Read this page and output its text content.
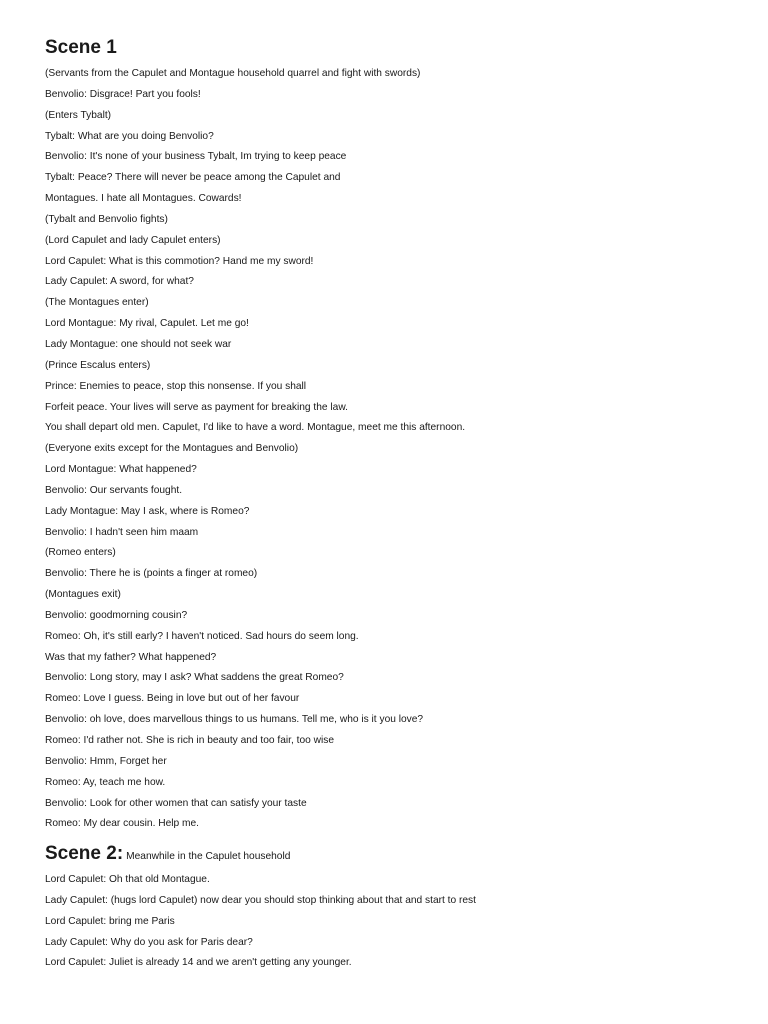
Scene 1
(Servants from the Capulet and Montague household quarrel and fight with swords)
Benvolio: Disgrace! Part you fools!
(Enters Tybalt)
Tybalt: What are you doing Benvolio?
Benvolio: It's none of your business Tybalt, Im trying to keep peace
Tybalt: Peace? There will never be peace among the Capulet and
Montagues. I hate all Montagues. Cowards!
(Tybalt and Benvolio fights)
(Lord Capulet and lady Capulet enters)
Lord Capulet: What is this commotion? Hand me my sword!
Lady Capulet: A sword, for what?
(The Montagues enter)
Lord Montague: My rival, Capulet. Let me go!
Lady Montague: one should not seek war
(Prince Escalus enters)
Prince: Enemies to peace, stop this nonsense. If you shall
Forfeit peace. Your lives will serve as payment for breaking the law.
You shall depart old men. Capulet, I'd like to have a word. Montague, meet me this afternoon.
(Everyone exits except for the Montagues and Benvolio)
Lord Montague: What happened?
Benvolio: Our servants fought.
Lady Montague: May I ask, where is Romeo?
Benvolio: I hadn't seen him maam
(Romeo enters)
Benvolio: There he is (points a finger at romeo)
(Montagues exit)
Benvolio: goodmorning cousin?
Romeo: Oh, it's still early? I haven't noticed. Sad hours do seem long.
Was that my father? What happened?
Benvolio: Long story, may I ask? What saddens the great Romeo?
Romeo: Love I guess. Being in love but out of her favour
Benvolio: oh love, does marvellous things to us humans. Tell me, who is it you love?
Romeo: I'd rather not. She is rich in beauty and too fair, too wise
Benvolio: Hmm, Forget her
Romeo: Ay, teach me how.
Benvolio: Look for other women that can satisfy your taste
Romeo: My dear cousin. Help me.
Scene 2: Meanwhile in the Capulet household
Lord Capulet: Oh that old Montague.
Lady Capulet: (hugs lord Capulet) now dear you should stop thinking about that and start to rest
Lord Capulet: bring me Paris
Lady Capulet: Why do you ask for Paris dear?
Lord Capulet: Juliet is already 14 and we aren't getting any younger.
